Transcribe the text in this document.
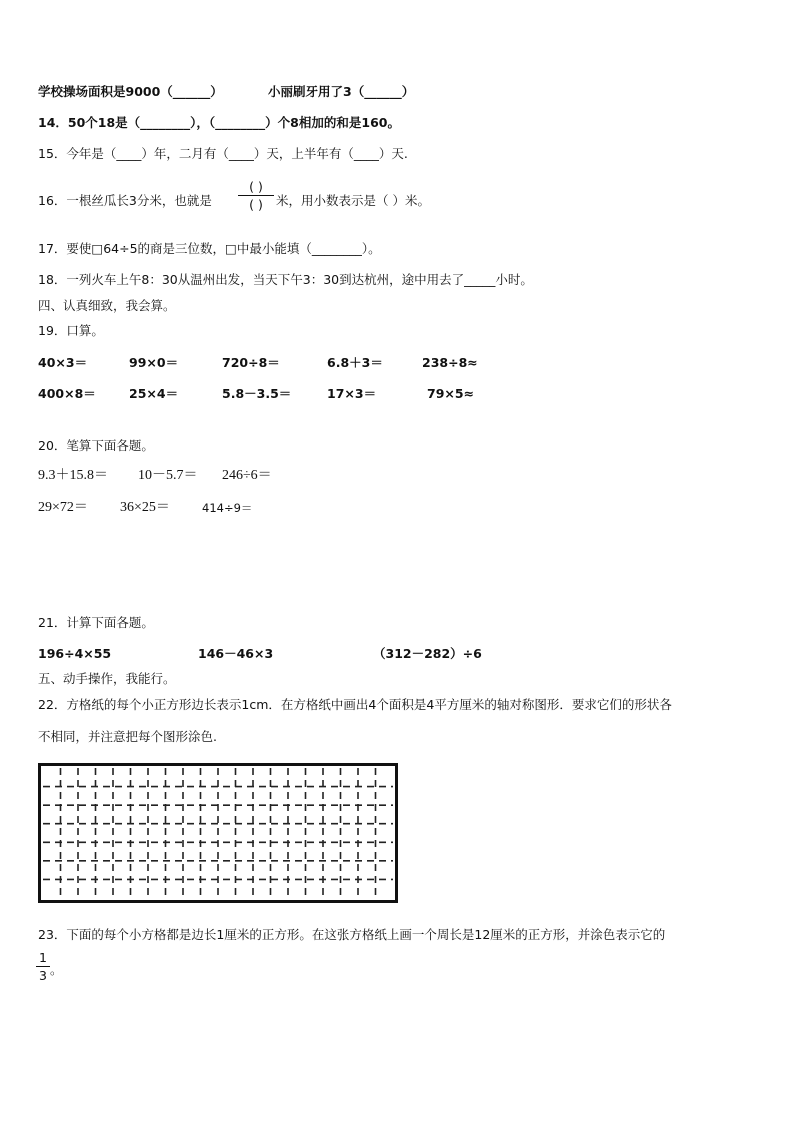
学校操场面积是9000（______）	小丽刷牙用了3（______）
14．50个18是（________），（________）个8相加的和是160。
15．今年是（____）年，二月有（____）天，上半年有（____）天.
16．一根丝瓜长3分米，也就是
( )
( )	米，用小数表示是（ ）米。
17．要使□64÷5的商是三位数，□中最小能填（________）。
18．一列火车上午8：30从温州出发，当天下午3：30到达杭州，途中用去了_____小时。
四、认真细致，我会算。
19．口算。
40×3＝	99×0＝	720÷8＝	6.8＋3＝	238÷8≈
400×8＝	25×4＝	5.8－3.5＝	17×3＝	79×5≈
20．笔算下面各题。
9.3＋15.8＝ 10－5.7＝ 246÷6＝
29×72＝ 36×25＝	414÷9＝
21．计算下面各题。
196÷4×55	146－46×3	（312－282）÷6
五、动手操作，我能行。
22．方格纸的每个小正方形边长表示1cm．在方格纸中画出4个面积是4平方厘米的轴对称图形．要求它们的形状各
不相同，并注意把每个图形涂色.
23．下面的每个小方格都是边长1厘米的正方形。在这张方格纸上画一个周长是12厘米的正方形，并涂色表示它的
1
3 。
